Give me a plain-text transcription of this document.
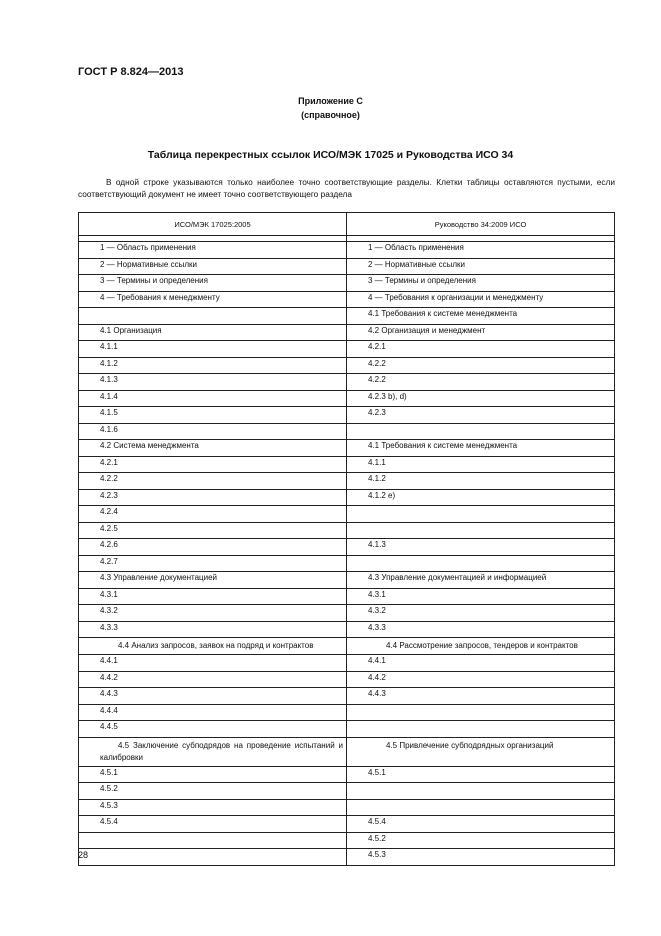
ГОСТ Р 8.824—2013
Приложение С
(справочное)
Таблица перекрестных ссылок ИСО/МЭК 17025 и Руководства ИСО 34
В одной строке указываются только наиболее точно соответствующие разделы. Клетки таблицы оставляются пустыми, если соответствующий документ не имеет точно соответствующего раздела
ИСО/МЭК 17025:2005	Руководство 34:2009 ИСО

1 — Область применения	1 — Область применения

2 — Нормативные ссылки	2 — Нормативные ссылки

3 — Термины и определения	3 — Термины и определения

4 — Требования к менеджменту	4 — Требования к организации и менеджменту

	4.1 Требования к системе менеджмента

4.1 Организация	4.2 Организация и менеджмент

4.1.1	4.2.1

4.1.2	4.2.2

4.1.3	4.2.2

4.1.4	4.2.3 b), d)

4.1.5	4.2.3

4.1.6	

4.2 Система менеджмента	4.1 Требования к системе менеджмента

4.2.1	4.1.1

4.2.2	4.1.2

4.2.3	4.1.2 e)

4.2.4	

4.2.5	

4.2.6	4.1.3

4.2.7	

4.3 Управление документацией	4.3 Управление документацией и информацией

4.3.1	4.3.1

4.3.2	4.3.2

4.3.3	4.3.3

4.4 Анализ запросов, заявок на подряд и контрактов	4.4 Рассмотрение запросов, тендеров и контрактов

4.4.1	4.4.1

4.4.2	4.4.2

4.4.3	4.4.3

4.4.4	

4.4.5	

4.5 Заключение субподрядов на проведение испытаний и калибровки	4.5 Привлечение субподрядных организаций

4.5.1	4.5.1

4.5.2	

4.5.3	

4.5.4	4.5.4

	4.5.2

	4.5.3
28
